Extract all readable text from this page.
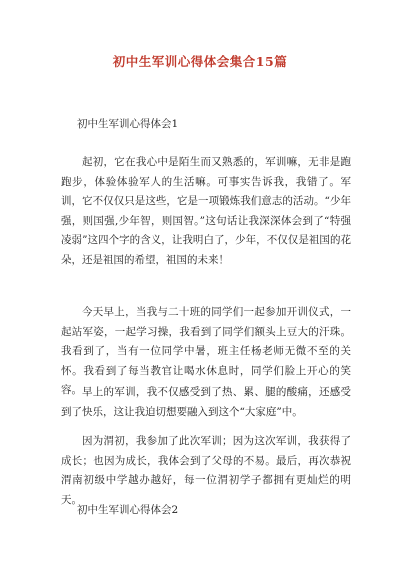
初中生军训心得体会集合15篇
初中生军训心得体会1

起初，它在我心中是陌生而又熟悉的，军训嘛，无非是跑跑步，体验体验军人的生活嘛。可事实告诉我，我错了。军训，它不仅仅只是这些，它是一项锻炼我们意志的活动。“少年强，则国强,少年智，则国智。”这句话让我深深体会到了“特强凌弱”这四个字的含义，让我明白了，少年，不仅仅是祖国的花朵，还是祖国的希望，祖国的未来！

今天早上，当我与二十班的同学们一起参加开训仪式，一起站军姿，一起学习操，我看到了同学们额头上豆大的汗珠。我看到了，当有一位同学中暑，班主任杨老师无微不至的关怀。我看到了每当教官让喝水休息时，同学们脸上开心的笑容。 早上的军训，我不仅感受到了热、累、腿的酸痛，还感受到了快乐，这让我迫切想要融入到这个“大家庭”中。

因为渭初，我参加了此次军训；因为这次军训，我获得了成长；也因为成长，我体会到了父母的不易。最后，再次恭祝渭南初级中学越办越好，每一位渭初学子都拥有更灿烂的明天。

初中生军训心得体会2
